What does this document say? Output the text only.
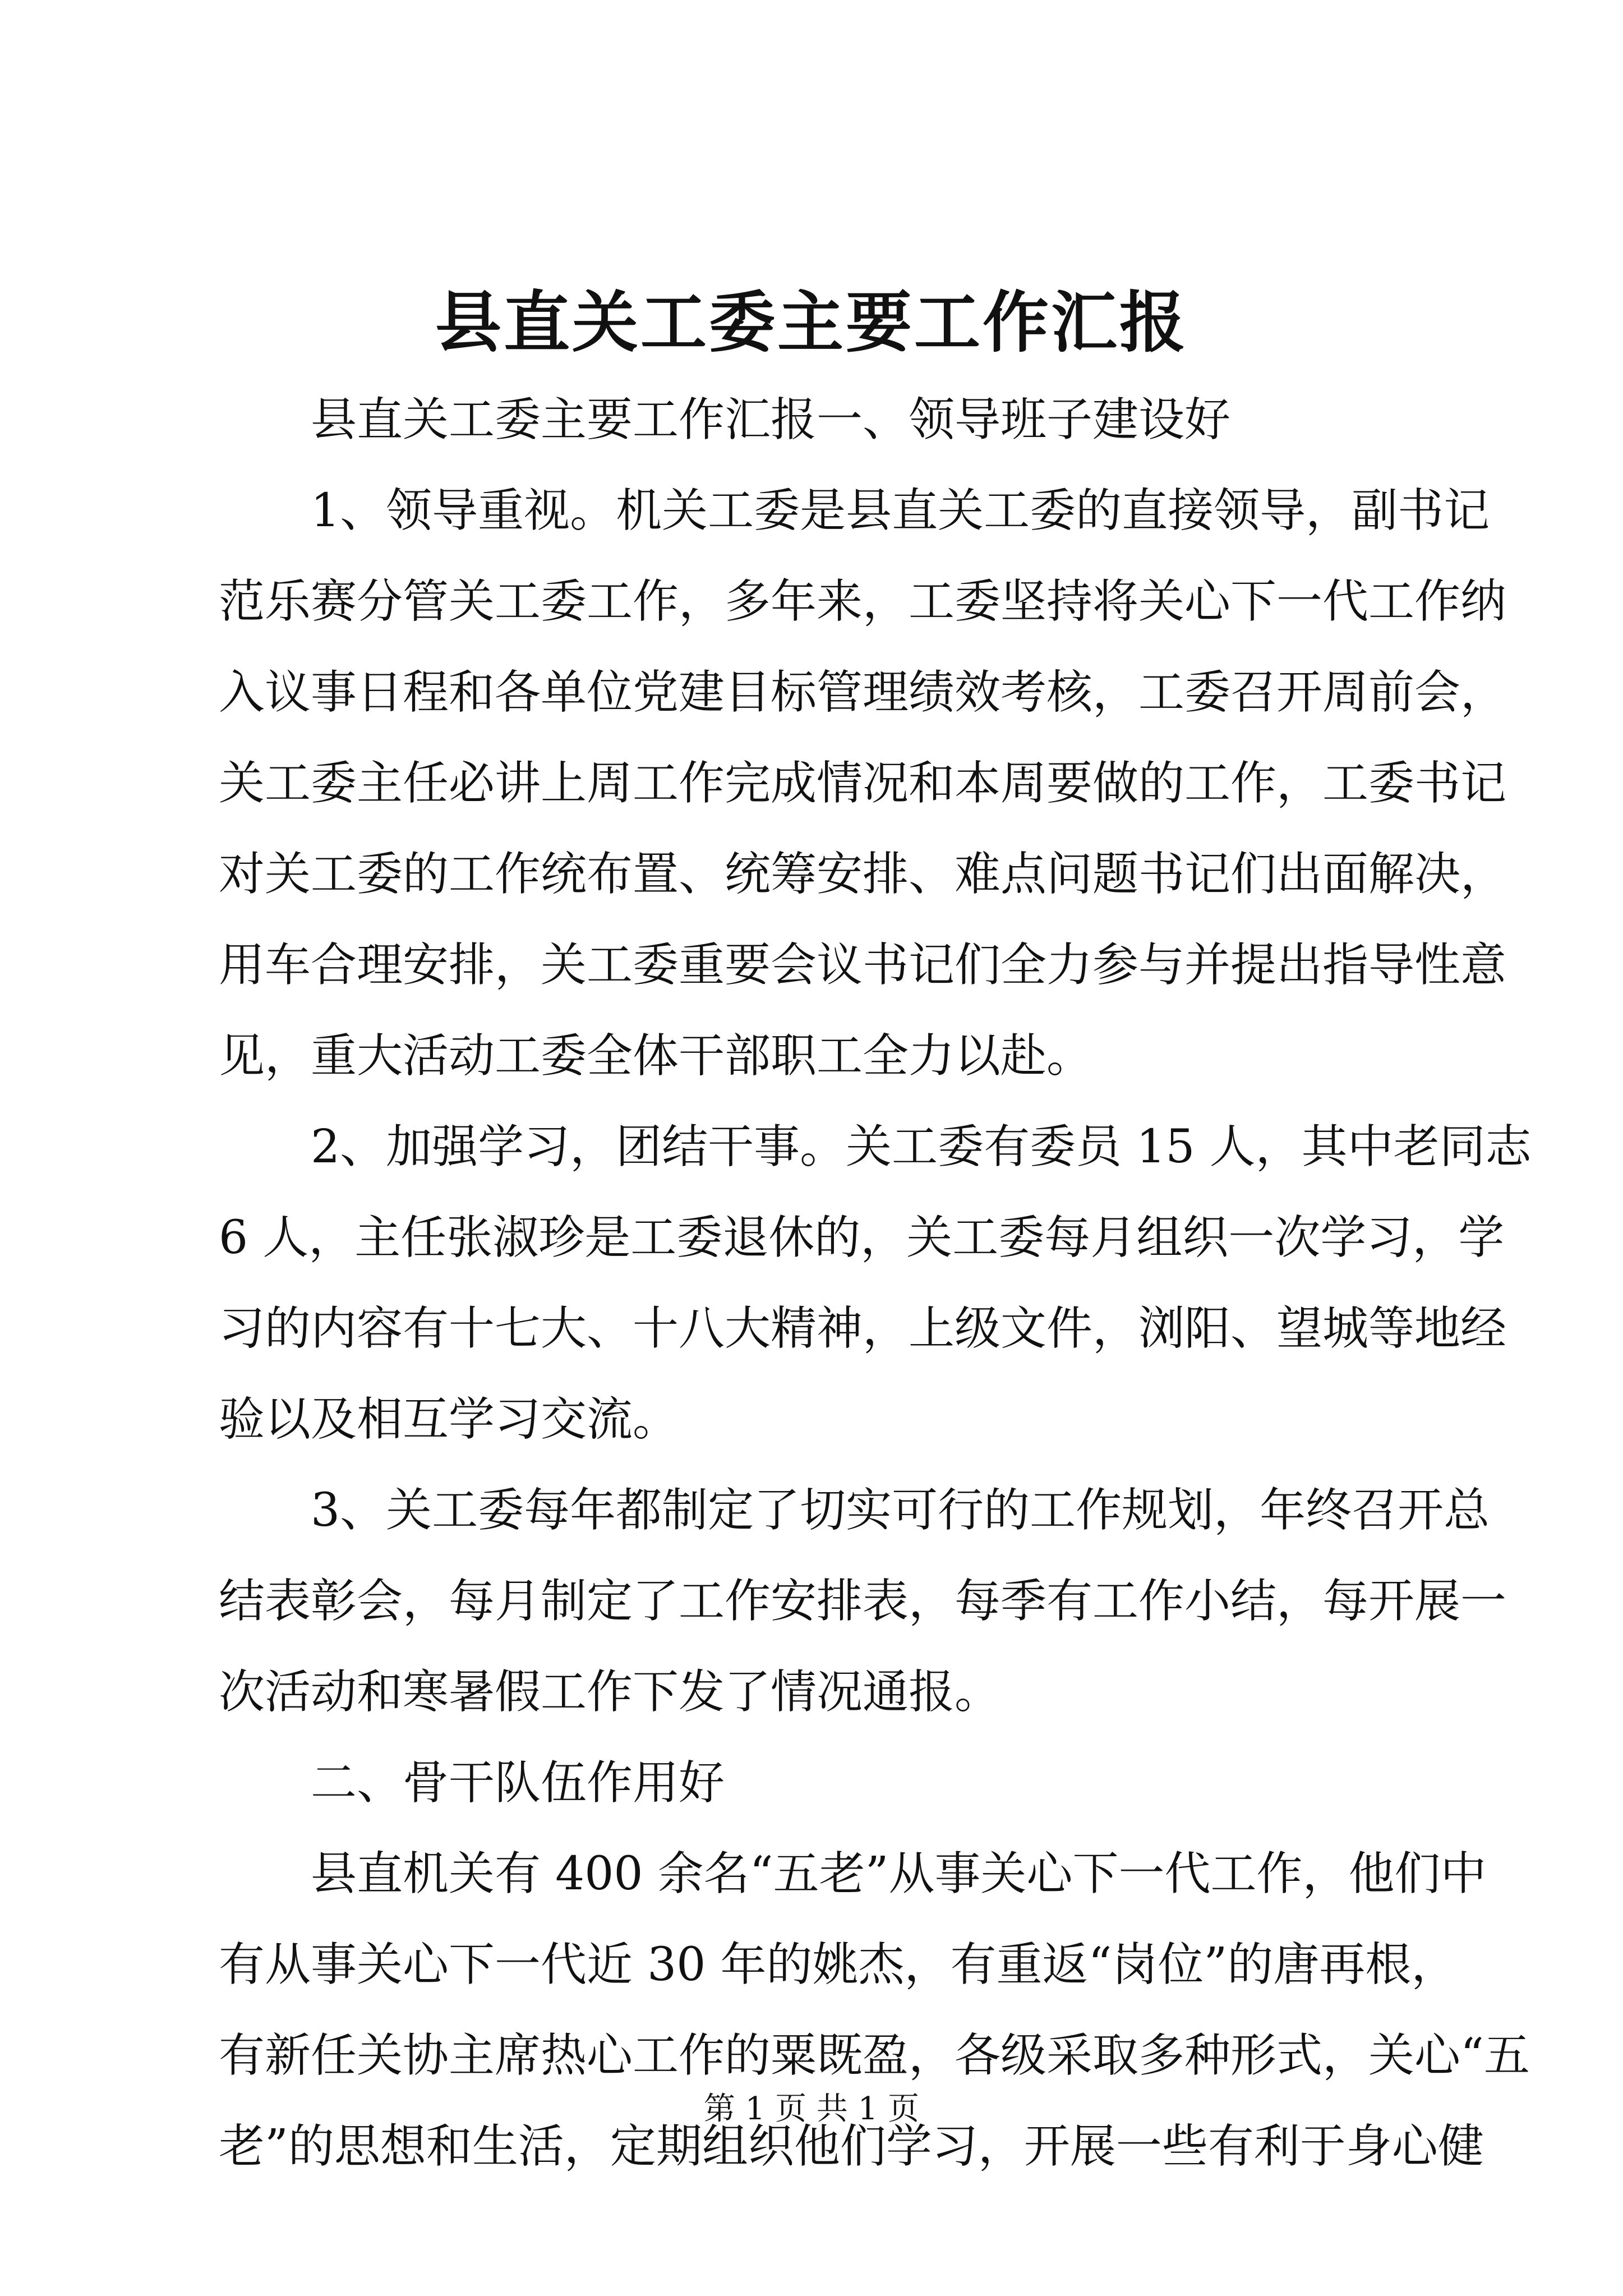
县直关工委主要工作汇报
县直关工委主要工作汇报一、领导班子建设好
1、领导重视。机关工委是县直关工委的直接领导，副书记
范乐赛分管关工委工作，多年来，工委坚持将关心下一代工作纳
入议事日程和各单位党建目标管理绩效考核，工委召开周前会，
关工委主任必讲上周工作完成情况和本周要做的工作，工委书记
对关工委的工作统布置、统筹安排、难点问题书记们出面解决，
用车合理安排，关工委重要会议书记们全力参与并提出指导性意
见，重大活动工委全体干部职工全力以赴。
2、加强学习，团结干事。关工委有委员 15 人，其中老同志
6 人，主任张淑珍是工委退休的，关工委每月组织一次学习，学
习的内容有十七大、十八大精神，上级文件，浏阳、望城等地经
验以及相互学习交流。
3、关工委每年都制定了切实可行的工作规划，年终召开总
结表彰会，每月制定了工作安排表，每季有工作小结，每开展一
次活动和寒暑假工作下发了情况通报。
二、骨干队伍作用好
县直机关有 400 余名“五老”从事关心下一代工作，他们中
有从事关心下一代近 30 年的姚杰，有重返“岗位”的唐再根，
有新任关协主席热心工作的粟既盈，各级采取多种形式，关心“五
老”的思想和生活，定期组织他们学习，开展一些有利于身心健
第 1 页 共 1 页
